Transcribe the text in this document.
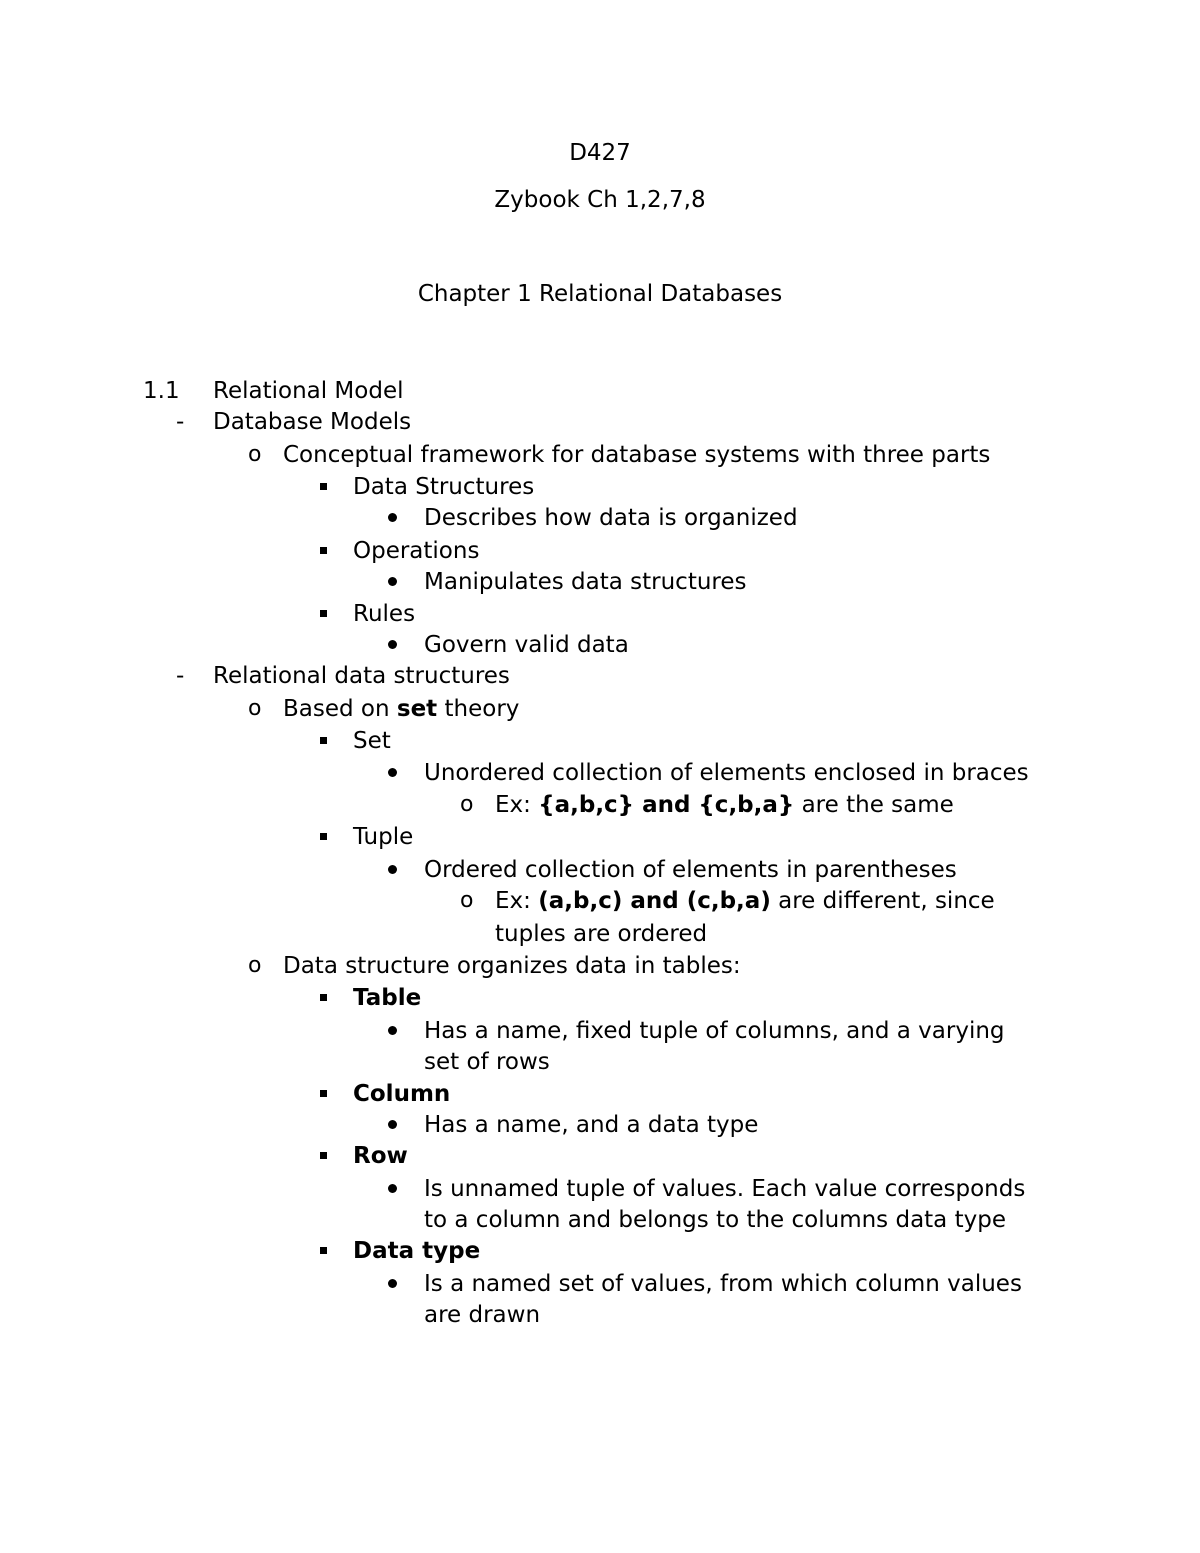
D427
Zybook Ch 1,2,7,8
Chapter 1 Relational Databases
1.1 Relational Model
- Database Models
o Conceptual framework for database systems with three parts
Data Structures
Describes how data is organized
Operations
Manipulates data structures
Rules
Govern valid data
- Relational data structures
o Based on set theory
Set
Unordered collection of elements enclosed in braces
o Ex: {a,b,c} and {c,b,a} are the same
Tuple
Ordered collection of elements in parentheses
o Ex: (a,b,c) and (c,b,a) are different, since
tuples are ordered
o Data structure organizes data in tables:
Table
Has a name, fixed tuple of columns, and a varying
set of rows
Column
Has a name, and a data type
Row
Is unnamed tuple of values. Each value corresponds
to a column and belongs to the columns data type
Data type
Is a named set of values, from which column values
are drawn
